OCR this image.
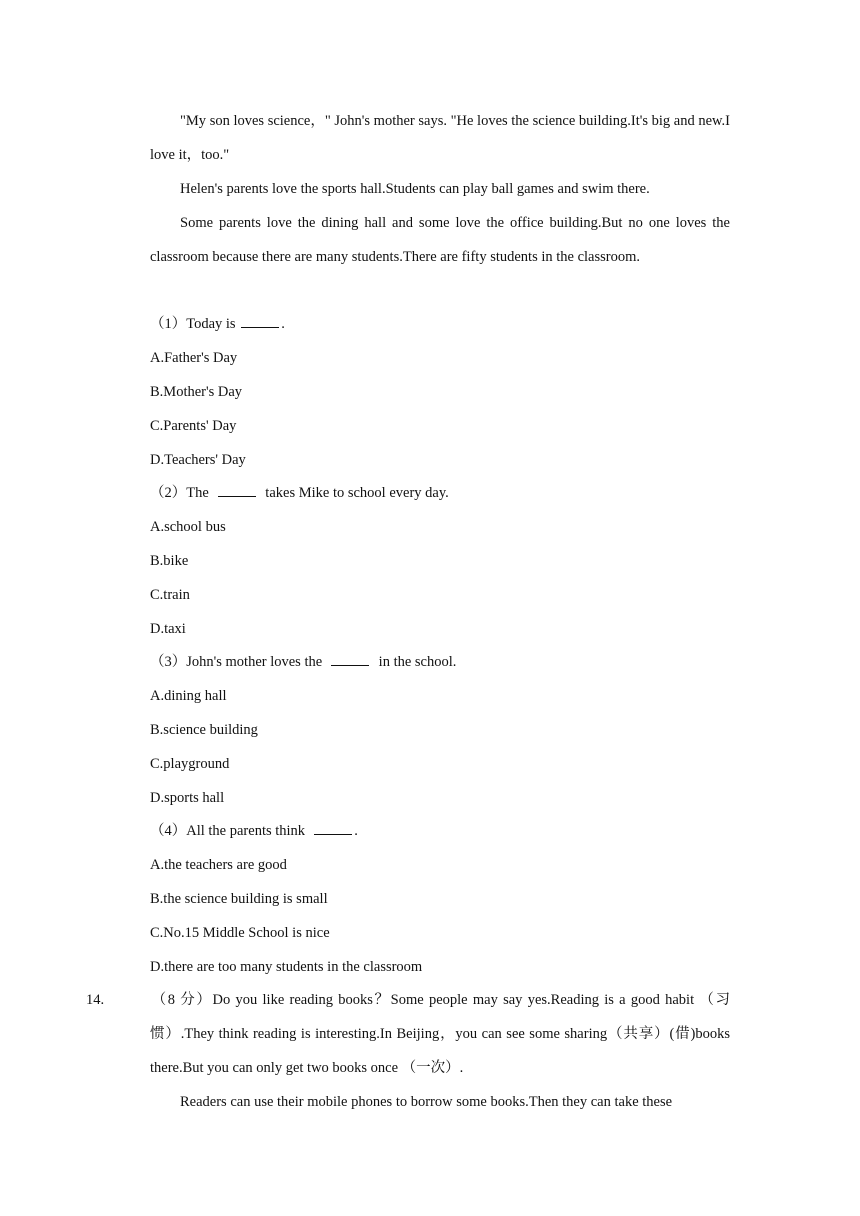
"My son loves science，" John's mother says. "He loves the science building.It's big and new.I love it，too."

Helen's parents love the sports hall.Students can play ball games and swim there.

Some parents love the dining hall and some love the office building.But no one loves the classroom because there are many students.There are fifty students in the classroom.

（1）Today is	.
A.Father's Day
B.Mother's Day
C.Parents' Day
D.Teachers' Day
（2）The	takes Mike to school every day.
A.school bus
B.bike
C.train
D.taxi
（3）John's mother loves the	in the school.
A.dining hall
B.science building
C.playground
D.sports hall
（4）All the parents think	.
A.the teachers are good
B.the science building is small
C.No.15 Middle School is nice
D.there are too many students in the classroom
14.	（8 分）Do you like reading books？Some people may say yes.Reading is a good habit （习惯）.They think reading is interesting.In Beijing，you can see some sharing（共享）(借)books there.But you can only get two books once （一次）.

Readers can use their mobile phones to borrow some books.Then they can take these
